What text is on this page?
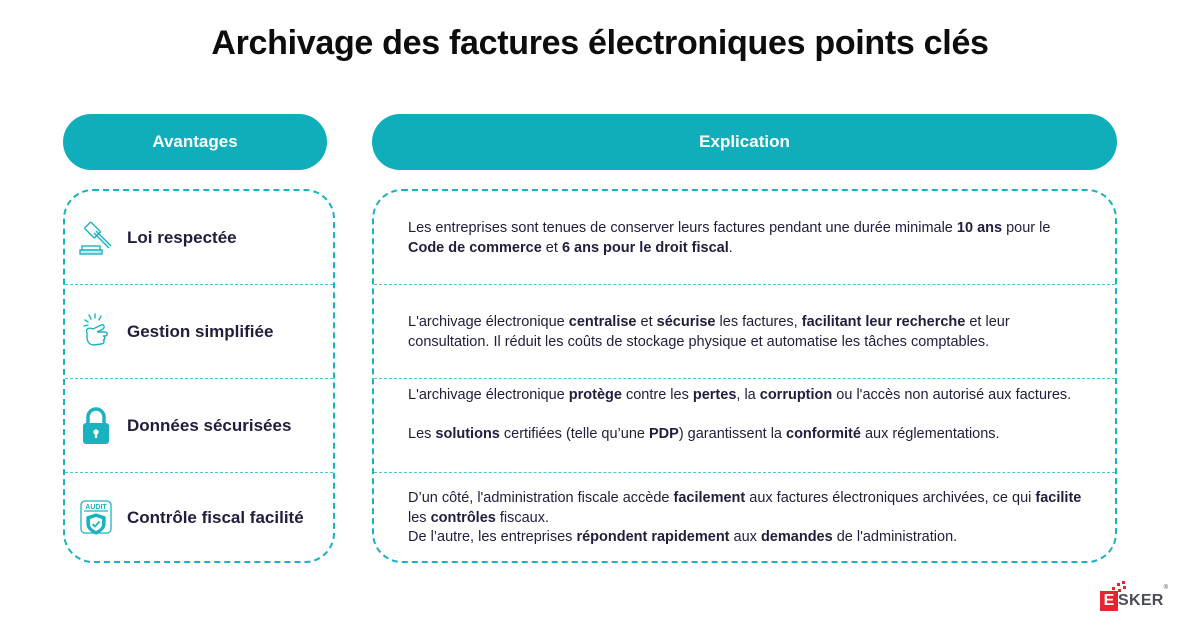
Archivage des factures électroniques points clés
Avantages	Explication
Loi respectée
Gestion simplifiée
Données sécurisées
AUDIT
Contrôle fiscal facilité
Les entreprises sont tenues de conserver leurs factures pendant une durée minimale 10 ans pour le Code de commerce et 6 ans pour le droit fiscal.
L'archivage électronique centralise et sécurise les factures, facilitant leur recherche et leur consultation. Il réduit les coûts de stockage physique et automatise les tâches comptables.
L'archivage électronique protège contre les pertes, la corruption ou l'accès non autorisé aux factures.
Les solutions certifiées (telle qu’une PDP) garantissent la conformité aux réglementations.
D’un côté, l'administration fiscale accède facilement aux factures électroniques archivées, ce qui facilite les contrôles fiscaux.
De l’autre, les entreprises répondent rapidement aux demandes de l'administration.
E SKER
®
